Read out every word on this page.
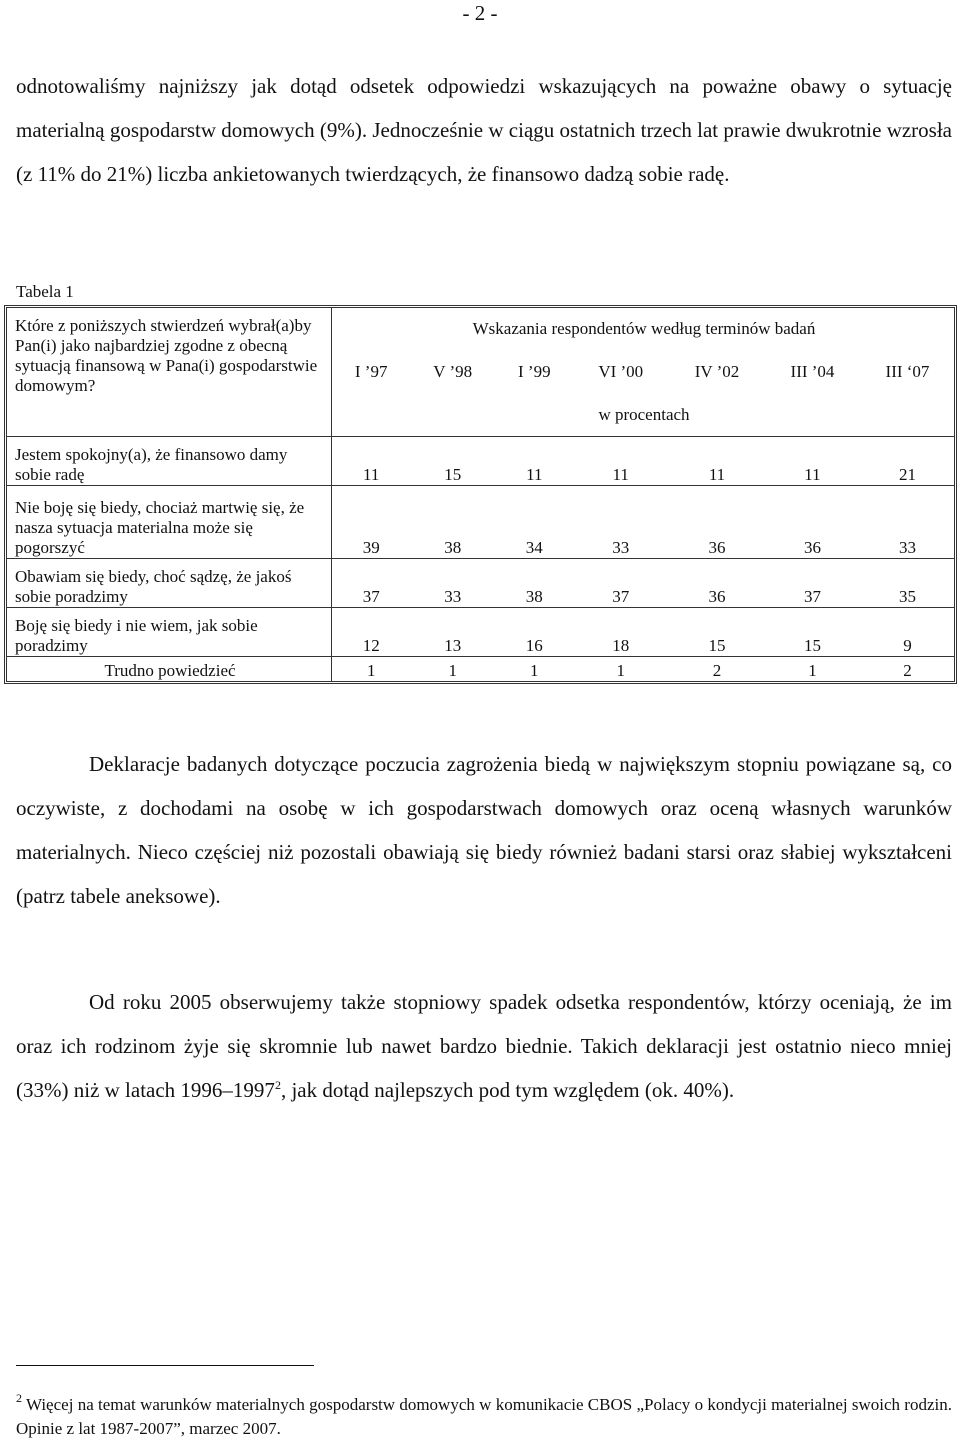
- 2 -

odnotowaliśmy najniższy jak dotąd odsetek odpowiedzi wskazujących na poważne obawy o sytuację materialną gospodarstw domowych (9%). Jednocześnie w ciągu ostatnich trzech lat prawie dwukrotnie wzrosła (z 11% do 21%) liczba ankietowanych twierdzących, że finansowo dadzą sobie radę.

Tabela 1
Które z poniższych stwierdzeń wybrał(a)by Pan(i) jako najbardziej zgodne z obecną sytuacją finansową w Pana(i) gospodarstwie domowym?	Wskazania respondentów według terminów badań						
	I ’97	V ’98	I ’99	VI ’00	IV ’02	III ’04	III ‘07
	w procentach						
Jestem spokojny(a), że finansowo damy sobie radę	11	15	11	11	11	11	21
Nie boję się biedy, chociaż martwię się, że nasza sytuacja materialna może się pogorszyć	39	38	34	33	36	36	33
Obawiam się biedy, choć sądzę, że jakoś sobie poradzimy	37	33	38	37	36	37	35
Boję się biedy i nie wiem, jak sobie poradzimy	12	13	16	18	15	15	9
Trudno powiedzieć	1	1	1	1	2	1	2

Deklaracje badanych dotyczące poczucia zagrożenia biedą w największym stopniu powiązane są, co oczywiste, z dochodami na osobę w ich gospodarstwach domowych oraz oceną własnych warunków materialnych. Nieco częściej niż pozostali obawiają się biedy również badani starsi oraz słabiej wykształceni (patrz tabele aneksowe).

Od roku 2005 obserwujemy także stopniowy spadek odsetka respondentów, którzy oceniają, że im oraz ich rodzinom żyje się skromnie lub nawet bardzo biednie. Takich deklaracji jest ostatnio nieco mniej (33%) niż w latach 1996–1997$^2$, jak dotąd najlepszych pod tym względem (ok. 40%).

$^2$ Więcej na temat warunków materialnych gospodarstw domowych w komunikacie CBOS „Polacy o kondycji materialnej swoich rodzin. Opinie z lat 1987-2007”, marzec 2007.
